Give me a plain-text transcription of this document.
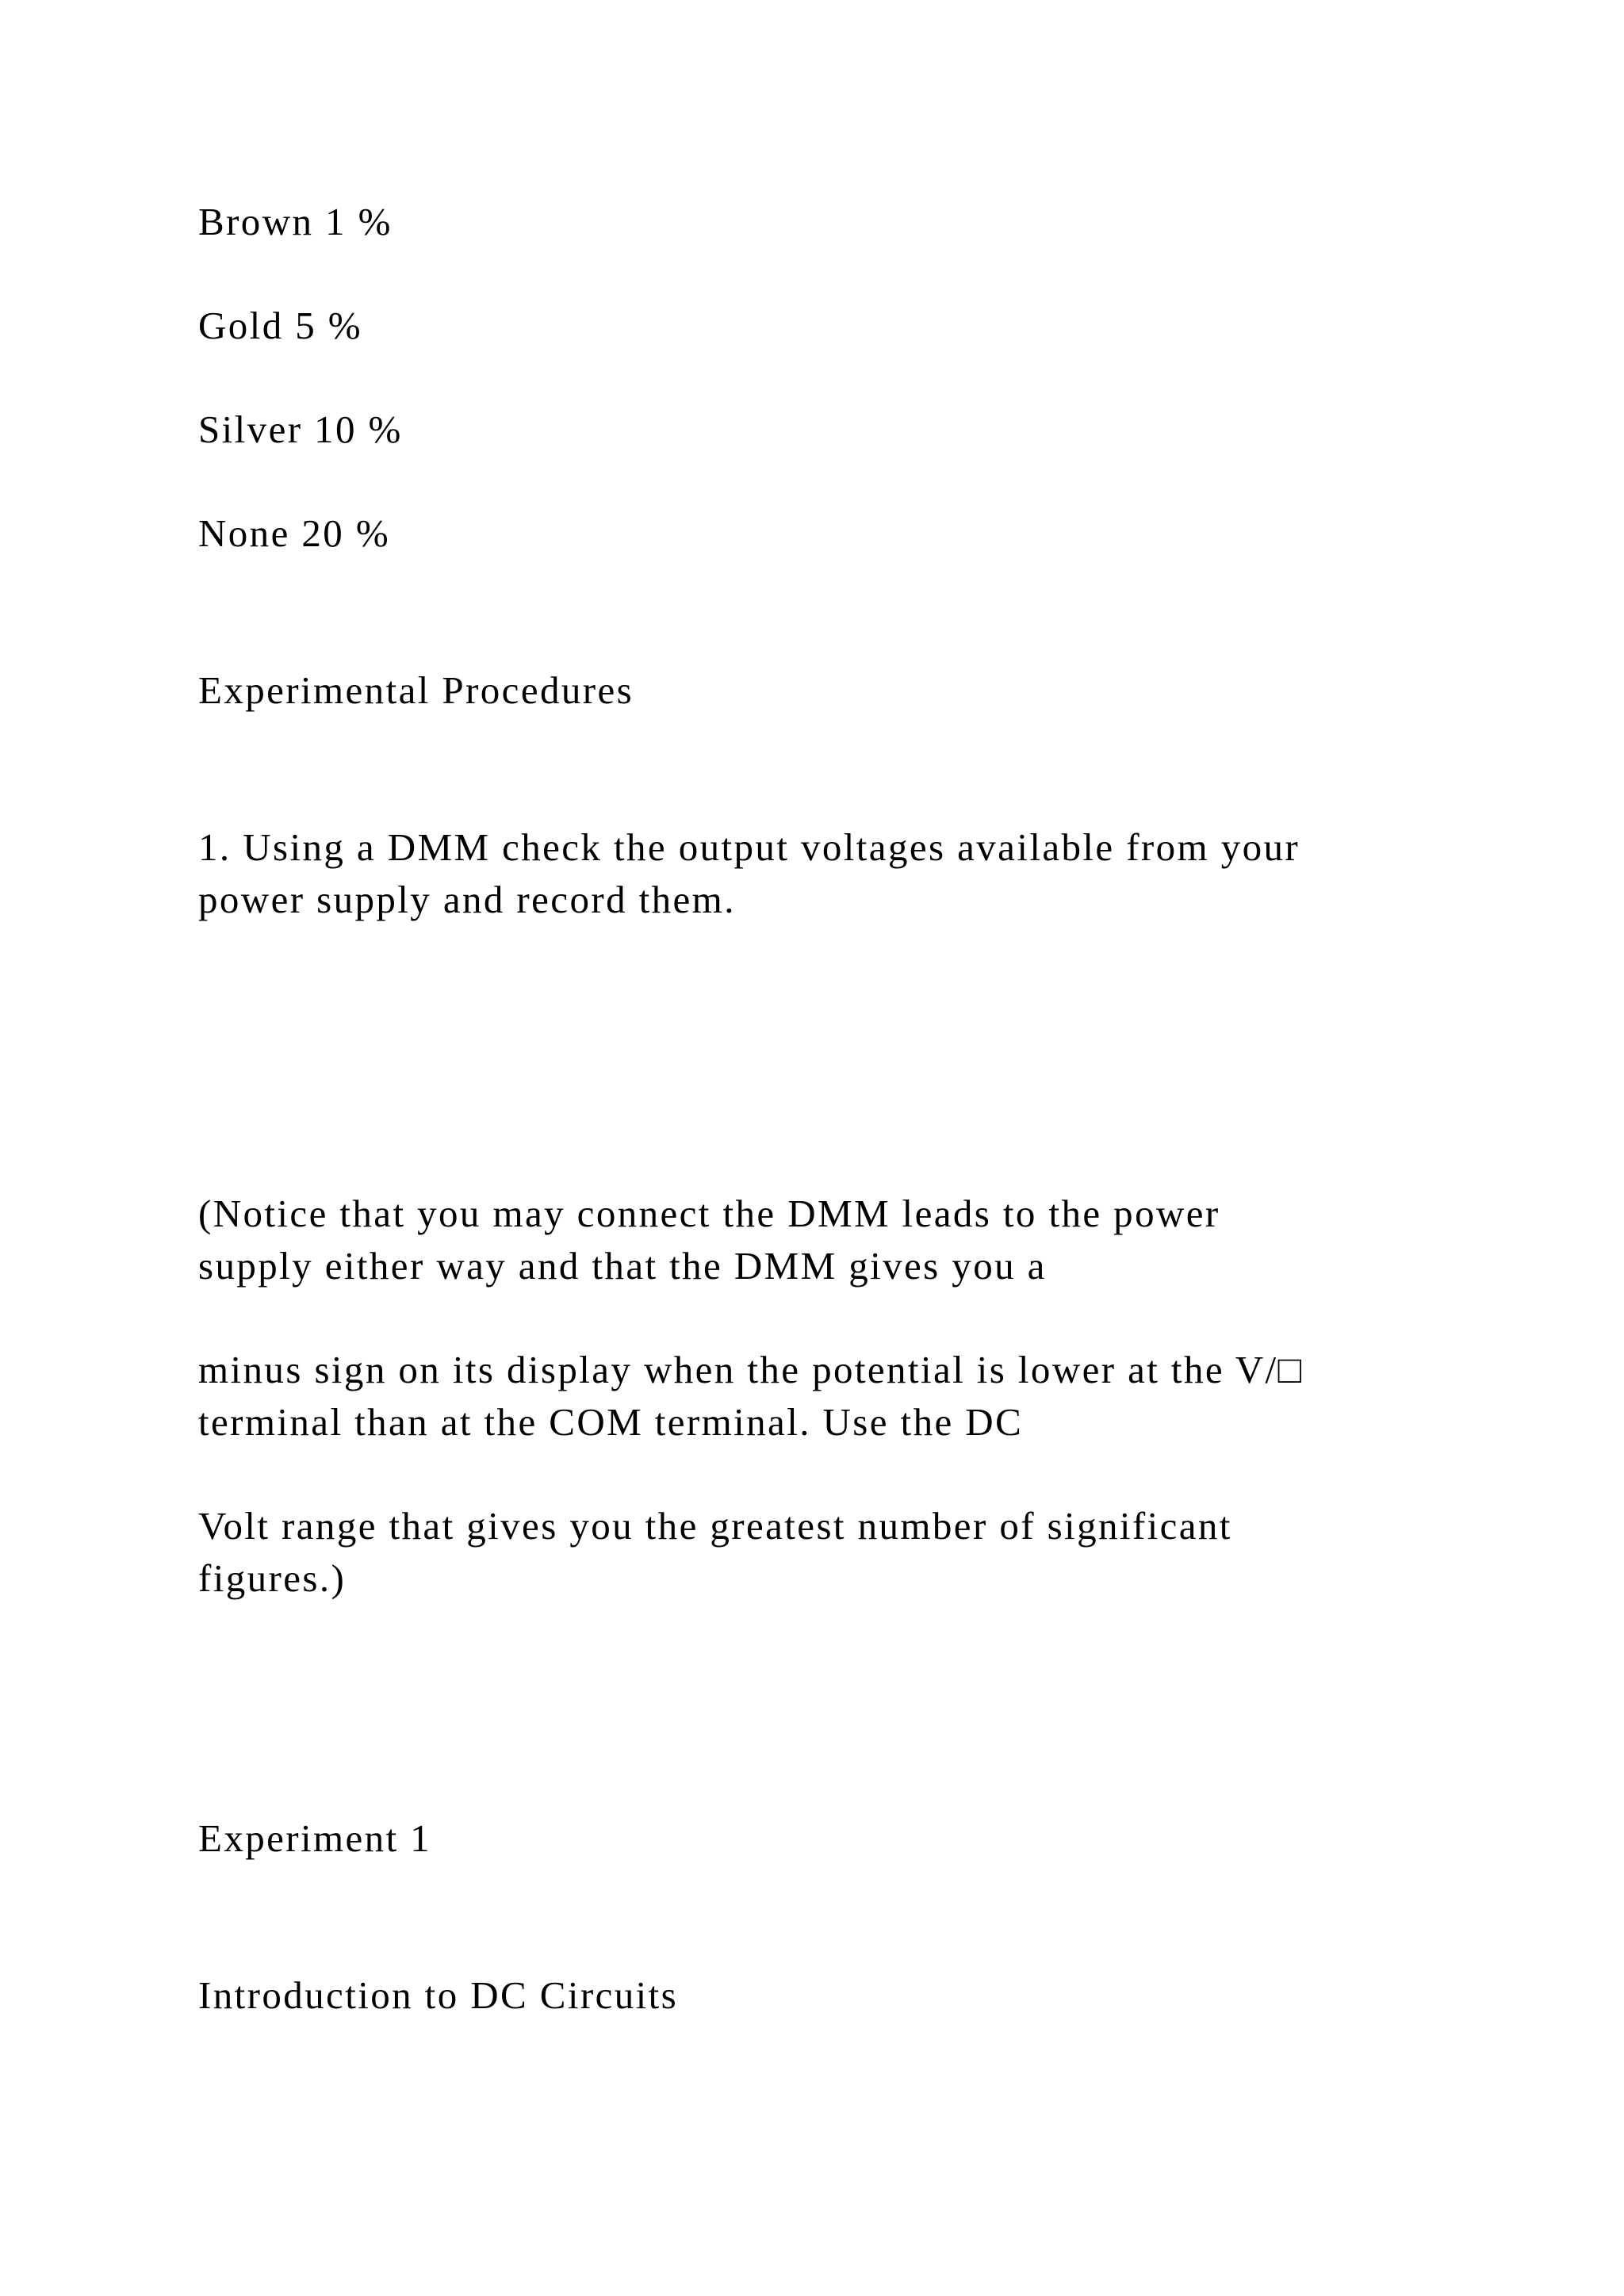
Brown 1 %

Gold 5 %

Silver 10 %

None 20 %

Experimental Procedures

1. Using a DMM check the output voltages available from your

power supply and record them.

(Notice that you may connect the DMM leads to the power

supply either way and that the DMM gives you a

minus sign on its display when the potential is lower at the V/□

terminal than at the COM terminal. Use the DC

Volt range that gives you the greatest number of significant

figures.)

Experiment 1

Introduction to DC Circuits
